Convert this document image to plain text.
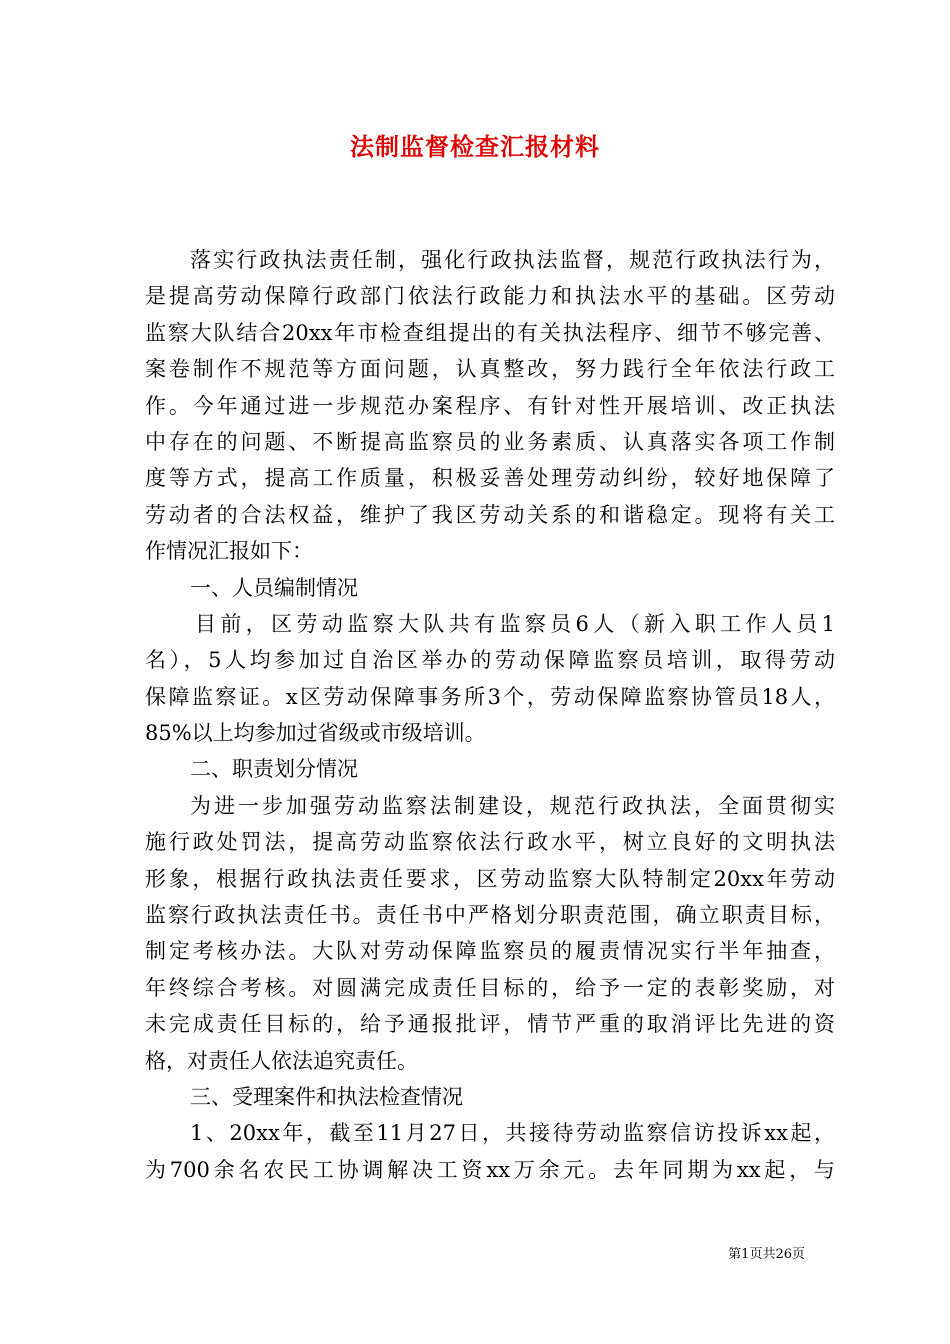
法制监督检查汇报材料
落实行政执法责任制，强化行政执法监督，规范行政执法行为，
是提高劳动保障行政部门依法行政能力和执法水平的基础。区劳动
监察大队结合20xx年市检查组提出的有关执法程序、细节不够完善、
案卷制作不规范等方面问题，认真整改，努力践行全年依法行政工
作。今年通过进一步规范办案程序、有针对性开展培训、改正执法
中存在的问题、不断提高监察员的业务素质、认真落实各项工作制
度等方式，提高工作质量，积极妥善处理劳动纠纷，较好地保障了
劳动者的合法权益，维护了我区劳动关系的和谐稳定。现将有关工
作情况汇报如下：
一、人员编制情况
目前，区劳动监察大队共有监察员6人（新入职工作人员1
名），5人均参加过自治区举办的劳动保障监察员培训，取得劳动
保障监察证。x区劳动保障事务所3个，劳动保障监察协管员18人，
85%以上均参加过省级或市级培训。
二、职责划分情况
为进一步加强劳动监察法制建设，规范行政执法，全面贯彻实
施行政处罚法，提高劳动监察依法行政水平，树立良好的文明执法
形象，根据行政执法责任要求，区劳动监察大队特制定20xx年劳动
监察行政执法责任书。责任书中严格划分职责范围，确立职责目标，
制定考核办法。大队对劳动保障监察员的履责情况实行半年抽查，
年终综合考核。对圆满完成责任目标的，给予一定的表彰奖励，对
未完成责任目标的，给予通报批评，情节严重的取消评比先进的资
格，对责任人依法追究责任。
三、受理案件和执法检查情况
1、20xx年，截至11月27日，共接待劳动监察信访投诉xx起，
为700余名农民工协调解决工资xx万余元。去年同期为xx起，与
第1页共26页
